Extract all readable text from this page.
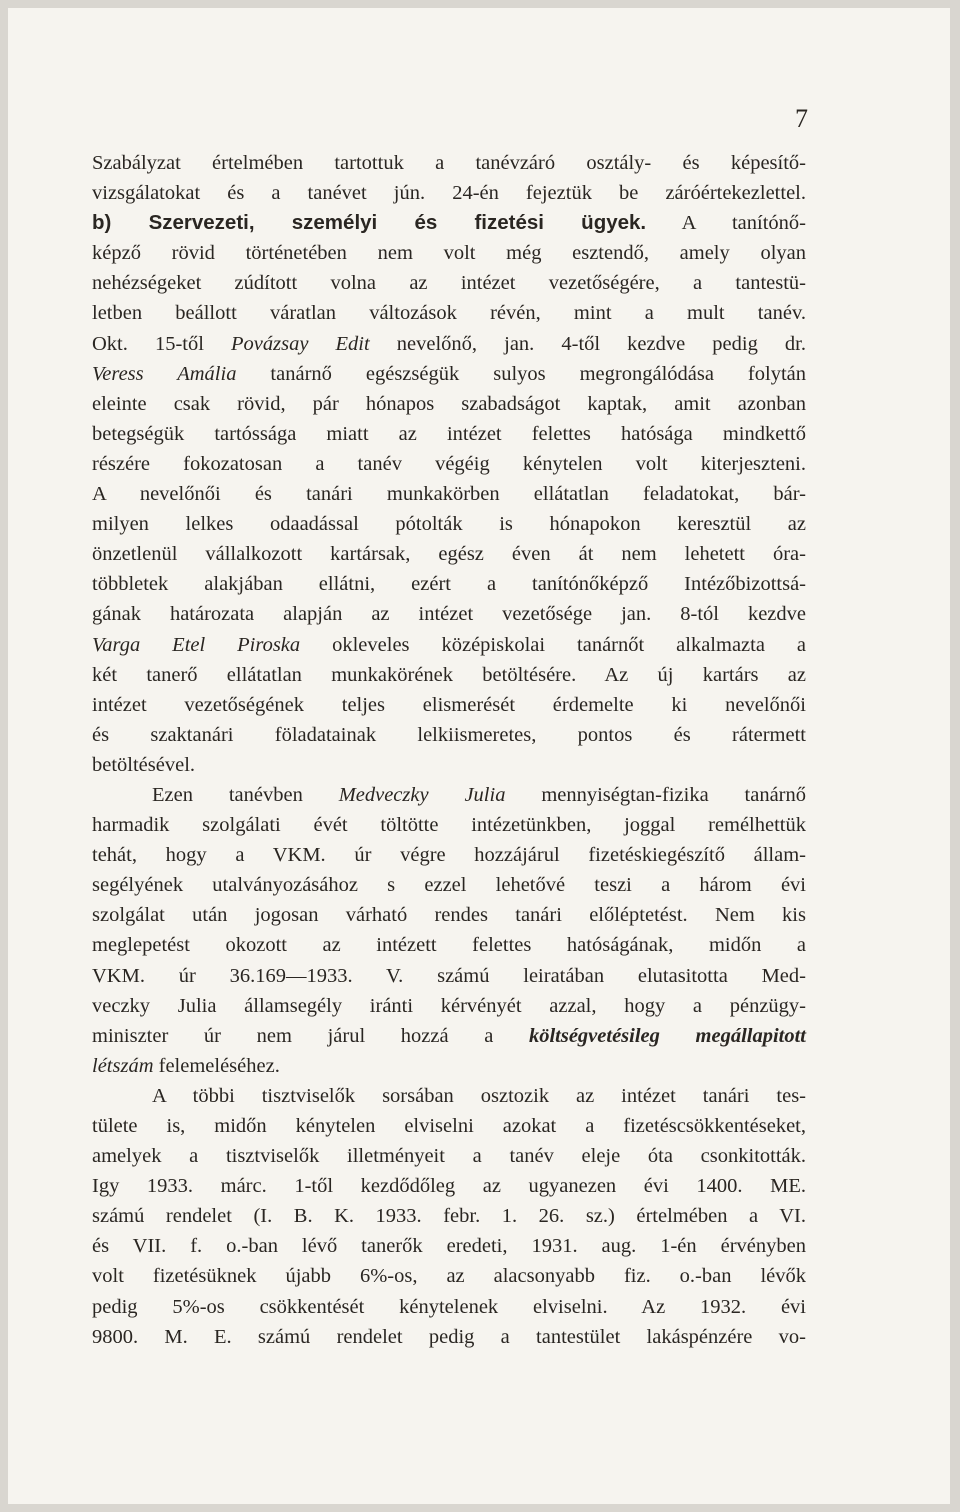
7
Szabályzat értelmében tartottuk a tanévzáró osztály- és képesítő-
vizsgálatokat és a tanévet jún. 24-én fejeztük be záróértekezlettel.
b) Szervezeti, személyi és fizetési ügyek. A tanítónő-
képző rövid történetében nem volt még esztendő, amely olyan
nehézségeket zúdított volna az intézet vezetőségére, a tantestü-
letben beállott váratlan változások révén, mint a mult tanév.
Okt. 15-től Povázsay Edit nevelőnő, jan. 4-től kezdve pedig dr.
Veress Amália tanárnő egészségük sulyos megrongálódása folytán
eleinte csak rövid, pár hónapos szabadságot kaptak, amit azonban
betegségük tartóssága miatt az intézet felettes hatósága mindkettő
részére fokozatosan a tanév végéig kénytelen volt kiterjeszteni.
A nevelőnői és tanári munkakörben ellátatlan feladatokat, bár-
milyen lelkes odaadással pótolták is hónapokon keresztül az
önzetlenül vállalkozott kartársak, egész éven át nem lehetett óra-
többletek alakjában ellátni, ezért a tanítónőképző Intézőbizottsá-
gának határozata alapján az intézet vezetősége jan. 8-tól kezdve
Varga Etel Piroska okleveles középiskolai tanárnőt alkalmazta a
két tanerő ellátatlan munkakörének betöltésére. Az új kartárs az
intézet vezetőségének teljes elismerését érdemelte ki nevelőnői
és szaktanári föladatainak lelkiismeretes, pontos és rátermett
betöltésével.
Ezen tanévben Medveczky Julia mennyiségtan-fizika tanárnő
harmadik szolgálati évét töltötte intézetünkben, joggal remélhettük
tehát, hogy a VKM. úr végre hozzájárul fizetéskiegészítő állam-
segélyének utalványozásához s ezzel lehetővé teszi a három évi
szolgálat után jogosan várható rendes tanári előléptetést. Nem kis
meglepetést okozott az intézett felettes hatóságának, midőn a
VKM. úr 36.169—1933. V. számú leiratában elutasitotta Med-
veczky Julia államsegély iránti kérvényét azzal, hogy a pénzügy-
miniszter úr nem járul hozzá a költségvetésileg megállapitott
létszám felemeléséhez.
A többi tisztviselők sorsában osztozik az intézet tanári tes-
tülete is, midőn kénytelen elviselni azokat a fizetéscsökkentéseket,
amelyek a tisztviselők illetményeit a tanév eleje óta csonkitották.
Igy 1933. márc. 1-től kezdődőleg az ugyanezen évi 1400. ME.
számú rendelet (I. B. K. 1933. febr. 1. 26. sz.) értelmében a VI.
és VII. f. o.-ban lévő tanerők eredeti, 1931. aug. 1-én érvényben
volt fizetésüknek újabb 6%-os, az alacsonyabb fiz. o.-ban lévők
pedig 5%-os csökkentését kénytelenek elviselni. Az 1932. évi
9800. M. E. számú rendelet pedig a tantestület lakáspénzére vo-
